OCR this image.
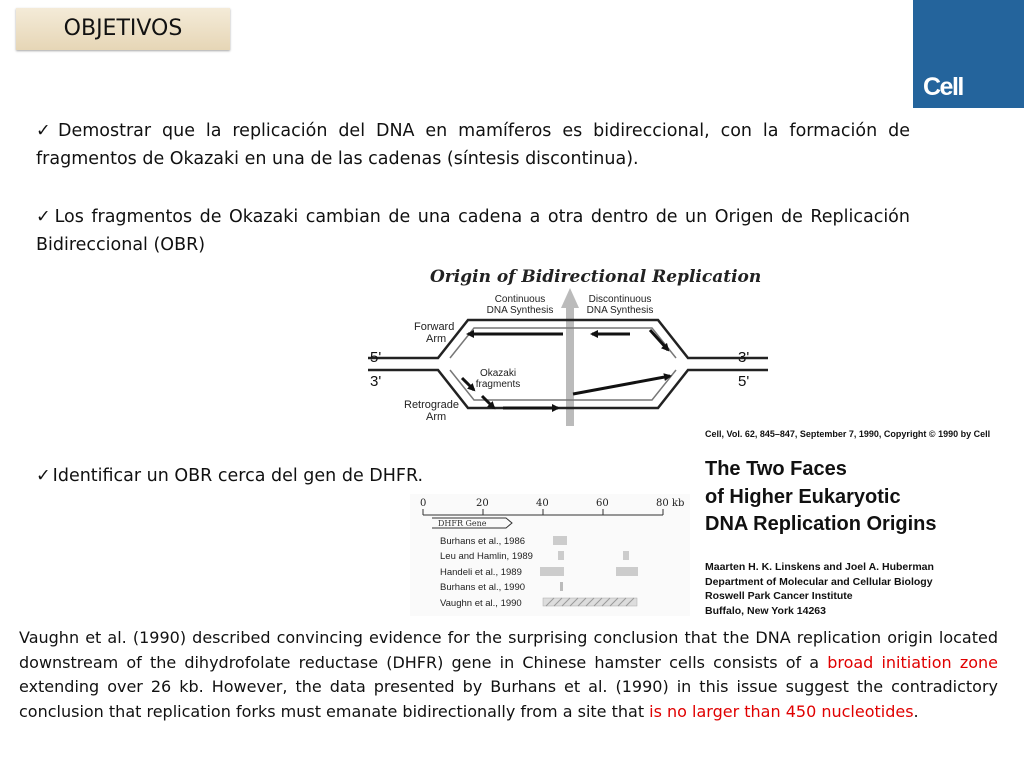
OBJETIVOS
Cell
✓ Demostrar que la replicación del DNA en mamíferos es bidireccional, con la formación de fragmentos de Okazaki en una de las cadenas (síntesis discontinua).
✓ Los fragmentos de Okazaki cambian de una cadena a otra dentro de un Origen de Replicación Bidireccional (OBR)
✓ Identificar un OBR cerca del gen de DHFR.
Origin of Bidirectional Replication
Continuous
DNA Synthesis
Discontinuous
DNA Synthesis
Okazaki
fragments
Forward
Arm
Retrograde
Arm
5'
3'
3'
5'
0	20	40	60	80 kb
DHFR Gene
Burhans et al., 1986
Leu and Hamlin, 1989
Handeli et al., 1989
Burhans et al., 1990
Vaughn et al., 1990
Cell, Vol. 62, 845–847, September 7, 1990, Copyright © 1990 by Cell
The Two Faces
of Higher Eukaryotic
DNA Replication Origins
Maarten H. K. Linskens and Joel A. Huberman
Department of Molecular and Cellular Biology
Roswell Park Cancer Institute
Buffalo, New York 14263
Vaughn et al. (1990) described convincing evidence for the surprising conclusion that the DNA replication origin located downstream of the dihydrofolate reductase (DHFR) gene in Chinese hamster cells consists of a broad initiation zone extending over 26 kb. However, the data presented by Burhans et al. (1990) in this issue suggest the contradictory conclusion that replication forks must emanate bidirectionally from a site that is no larger than 450 nucleotides.
